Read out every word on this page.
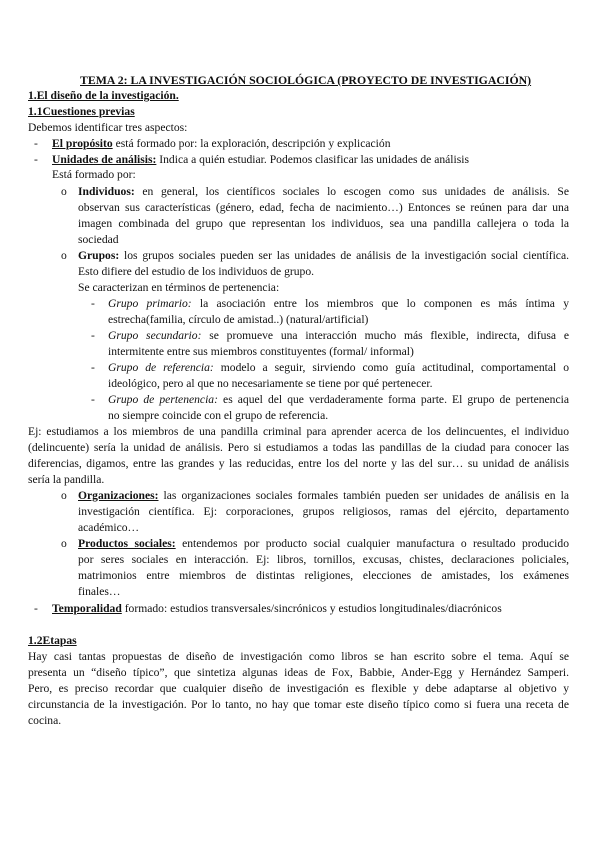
TEMA 2: LA INVESTIGACIÓN SOCIOLÓGICA (PROYECTO DE INVESTIGACIÓN)
1.El diseño de la investigación.
1.1Cuestiones previas
Debemos identificar tres aspectos:
- El propósito está formado por: la exploración, descripción y explicación
- Unidades de análisis: Indica a quién estudiar. Podemos clasificar las unidades de análisis
Está formado por:
o Individuos: en general, los científicos sociales lo escogen como sus unidades de análisis. Se
observan sus características (género, edad, fecha de nacimiento…) Entonces se reúnen para dar una
imagen combinada del grupo que representan los individuos, sea una pandilla callejera o toda la
sociedad
o Grupos: los grupos sociales pueden ser las unidades de análisis de la investigación social científica.
Esto difiere del estudio de los individuos de grupo.
Se caracterizan en términos de pertenencia:
- Grupo primario: la asociación entre los miembros que lo componen es más íntima y
estrecha(familia, círculo de amistad..) (natural/artificial)
- Grupo secundario: se promueve una interacción mucho más flexible, indirecta, difusa e
intermitente entre sus miembros constituyentes (formal/ informal)
- Grupo de referencia: modelo a seguir, sirviendo como guía actitudinal, comportamental o
ideológico, pero al que no necesariamente se tiene por qué pertenecer.
- Grupo de pertenencia: es aquel del que verdaderamente forma parte. El grupo de pertenencia
no siempre coincide con el grupo de referencia.
Ej: estudiamos a los miembros de una pandilla criminal para aprender acerca de los delincuentes, el individuo
(delincuente) sería la unidad de análisis. Pero si estudiamos a todas las pandillas de la ciudad para conocer las
diferencias, digamos, entre las grandes y las reducidas, entre los del norte y las del sur… su unidad de análisis
sería la pandilla.
o Organizaciones: las organizaciones sociales formales también pueden ser unidades de análisis en la
investigación científica. Ej: corporaciones, grupos religiosos, ramas del ejército, departamento
académico…
o Productos sociales: entendemos por producto social cualquier manufactura o resultado producido
por seres sociales en interacción. Ej: libros, tornillos, excusas, chistes, declaraciones policiales,
matrimonios entre miembros de distintas religiones, elecciones de amistades, los exámenes
finales…
- Temporalidad formado: estudios transversales/sincrónicos y estudios longitudinales/diacrónicos
1.2Etapas
Hay casi tantas propuestas de diseño de investigación como libros se han escrito sobre el tema. Aquí se
presenta un “diseño típico”, que sintetiza algunas ideas de Fox, Babbie, Ander-Egg y Hernández Samperi.
Pero, es preciso recordar que cualquier diseño de investigación es flexible y debe adaptarse al objetivo y
circunstancia de la investigación. Por lo tanto, no hay que tomar este diseño típico como si fuera una receta de
cocina.
